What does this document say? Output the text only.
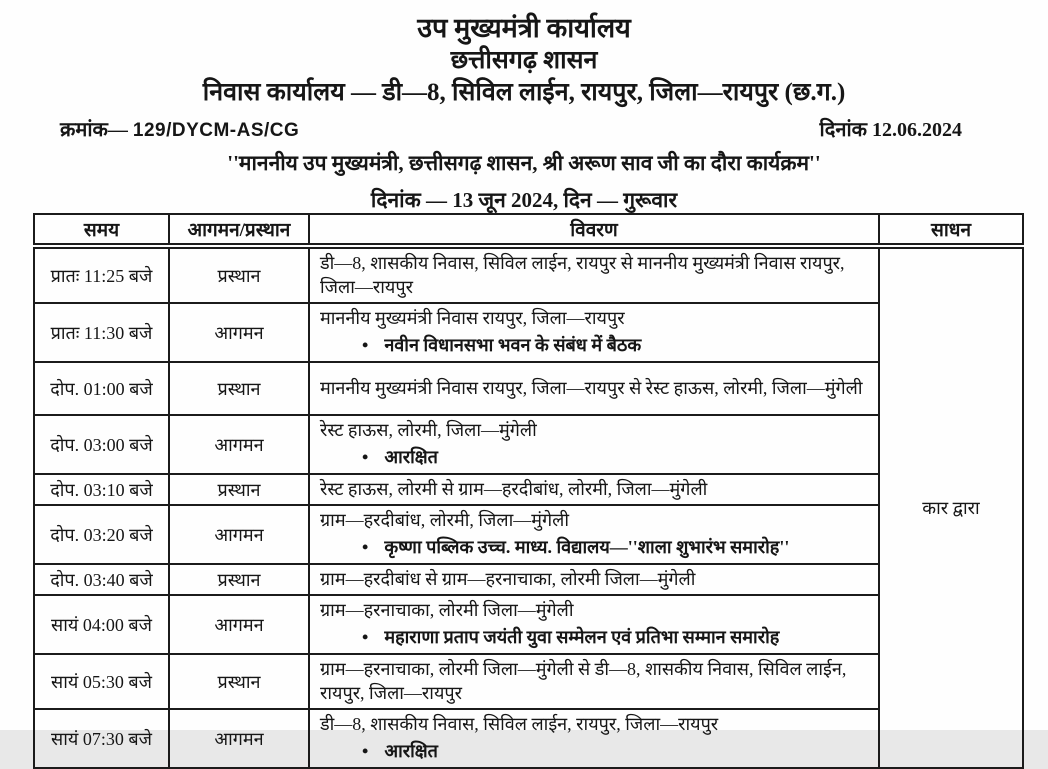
उप मुख्यमंत्री कार्यालय
छत्तीसगढ़ शासन
निवास कार्यालय — डी—8, सिविल लाईन, रायपुर, जिला—रायपुर (छ.ग.)
क्रमांक— 129/DYCM-AS/CG	दिनांक 12.06.2024
''माननीय उप मुख्यमंत्री, छत्तीसगढ़ शासन, श्री अरूण साव जी का दौरा कार्यक्रम''
दिनांक — 13 जून 2024, दिन — गुरूवार
समय	आगमन/प्रस्थान	विवरण	साधन
प्रातः 11:25 बजे	प्रस्थान	डी—8, शासकीय निवास, सिविल लाईन, रायपुर से माननीय मुख्यमंत्री निवास रायपुर, जिला—रायपुर	कार द्वारा
प्रातः 11:30 बजे	आगमन	माननीय मुख्यमंत्री निवास रायपुर, जिला—रायपुर
• नवीन विधानसभा भवन के संबंध में बैठक	

दोप. 01:00 बजे	प्रस्थान	माननीय मुख्यमंत्री निवास रायपुर, जिला—रायपुर से रेस्ट हाऊस, लोरमी, जिला—मुंगेली	

दोप. 03:00 बजे	आगमन	रेस्ट हाऊस, लोरमी, जिला—मुंगेली
• आरक्षित	

दोप. 03:10 बजे	प्रस्थान	रेस्ट हाऊस, लोरमी से ग्राम—हरदीबांध, लोरमी, जिला—मुंगेली	

दोप. 03:20 बजे	आगमन	ग्राम—हरदीबांध, लोरमी, जिला—मुंगेली
• कृष्णा पब्लिक उच्च. माध्य. विद्यालय—''शाला शुभारंभ समारोह''	

दोप. 03:40 बजे	प्रस्थान	ग्राम—हरदीबांध से ग्राम—हरनाचाका, लोरमी जिला—मुंगेली	

सायं 04:00 बजे	आगमन	ग्राम—हरनाचाका, लोरमी जिला—मुंगेली
• महाराणा प्रताप जयंती युवा सम्मेलन एवं प्रतिभा सम्मान समारोह	

सायं 05:30 बजे	प्रस्थान	ग्राम—हरनाचाका, लोरमी जिला—मुंगेली से डी—8, शासकीय निवास, सिविल लाईन, रायपुर, जिला—रायपुर	

सायं 07:30 बजे	आगमन	डी—8, शासकीय निवास, सिविल लाईन, रायपुर, जिला—रायपुर
• आरक्षित	
